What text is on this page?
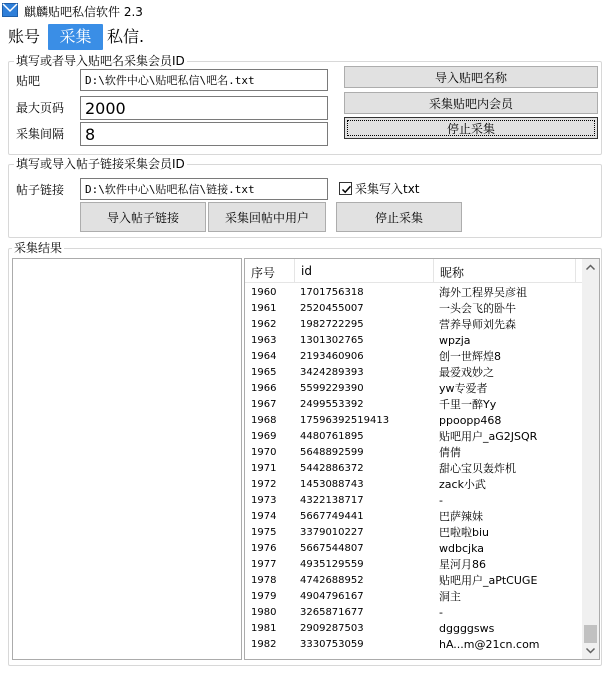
麒麟贴吧私信软件 2.3
账号	采集 私信.
填写或者导入贴吧名采集会员ID
贴吧
D:\软件中心\贴吧私信\吧名.txt
最大页码
2000
采集间隔
8
导入贴吧名称
采集贴吧内会员
停止采集
填写或导入帖子链接采集会员ID
帖子链接
D:\软件中心\贴吧私信\链接.txt	采集写入txt
导入帖子链接	采集回帖中用户	停止采集
采集结果
序号 id	昵称
1960 1701756318	海外工程界吴彦祖
1961 2520455007	一头会飞的卧牛
1962 1982722295	营养导师刘先森
1963 1301302765	wpzja
1964 2193460906	创一世辉煌8
1965 3424289393	最爱戏妙之
1966 5599229390	yw专爱者
1967 2499553392	千里一醉Yy
1968 17596392519413	ppoopp468
1969 4480761895	贴吧用户_aG2JSQR
1970 5648892599	倩倩
1971 5442886372	甜心宝贝轰炸机
1972 1453088743	zack小武
1973 4322138717	-
1974 5667749441	巴萨辣妹
1975 3379010227	巴啦啦biu
1976 5667544807	wdbcjka
1977 4935129559	星河月86
1978 4742688952	贴吧用户_aPtCUGE
1979 4904796167	洞主
1980 3265871677	-
1981 2909287503	dggggsws
1982 3330753059	hA...m@21cn.com
